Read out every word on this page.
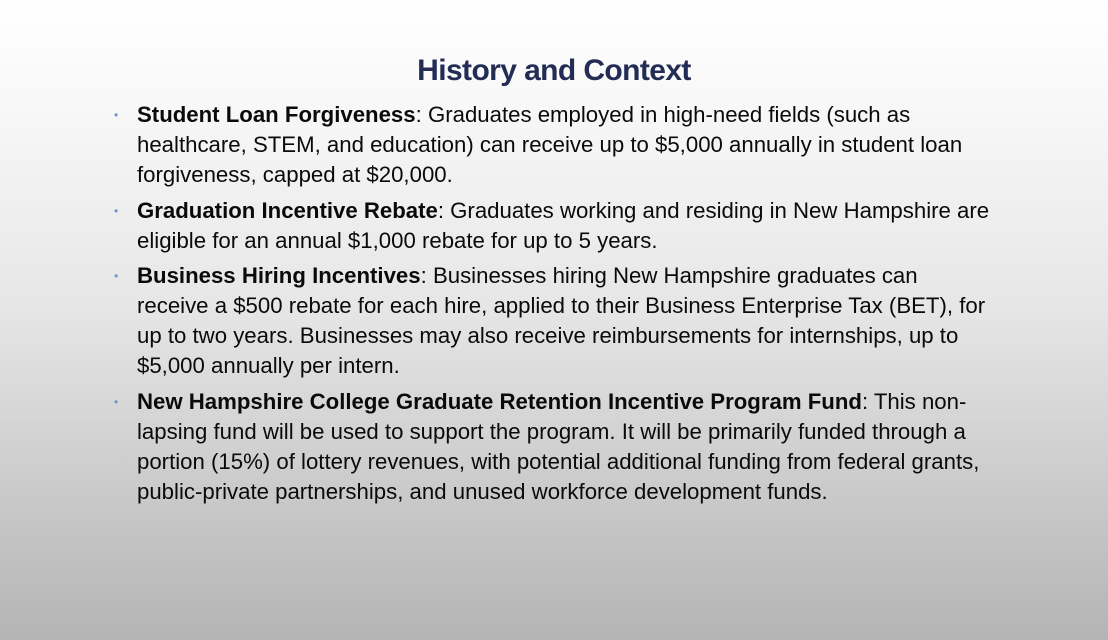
History and Context
• Student Loan Forgiveness: Graduates employed in high-need fields (such as healthcare, STEM, and education) can receive up to $5,000 annually in student loan forgiveness, capped at $20,000.
• Graduation Incentive Rebate: Graduates working and residing in New Hampshire are eligible for an annual $1,000 rebate for up to 5 years.
• Business Hiring Incentives: Businesses hiring New Hampshire graduates can receive a $500 rebate for each hire, applied to their Business Enterprise Tax (BET), for up to two years. Businesses may also receive reimbursements for internships, up to $5,000 annually per intern.
• New Hampshire College Graduate Retention Incentive Program Fund: This non-lapsing fund will be used to support the program. It will be primarily funded through a portion (15%) of lottery revenues, with potential additional funding from federal grants, public-private partnerships, and unused workforce development funds.
